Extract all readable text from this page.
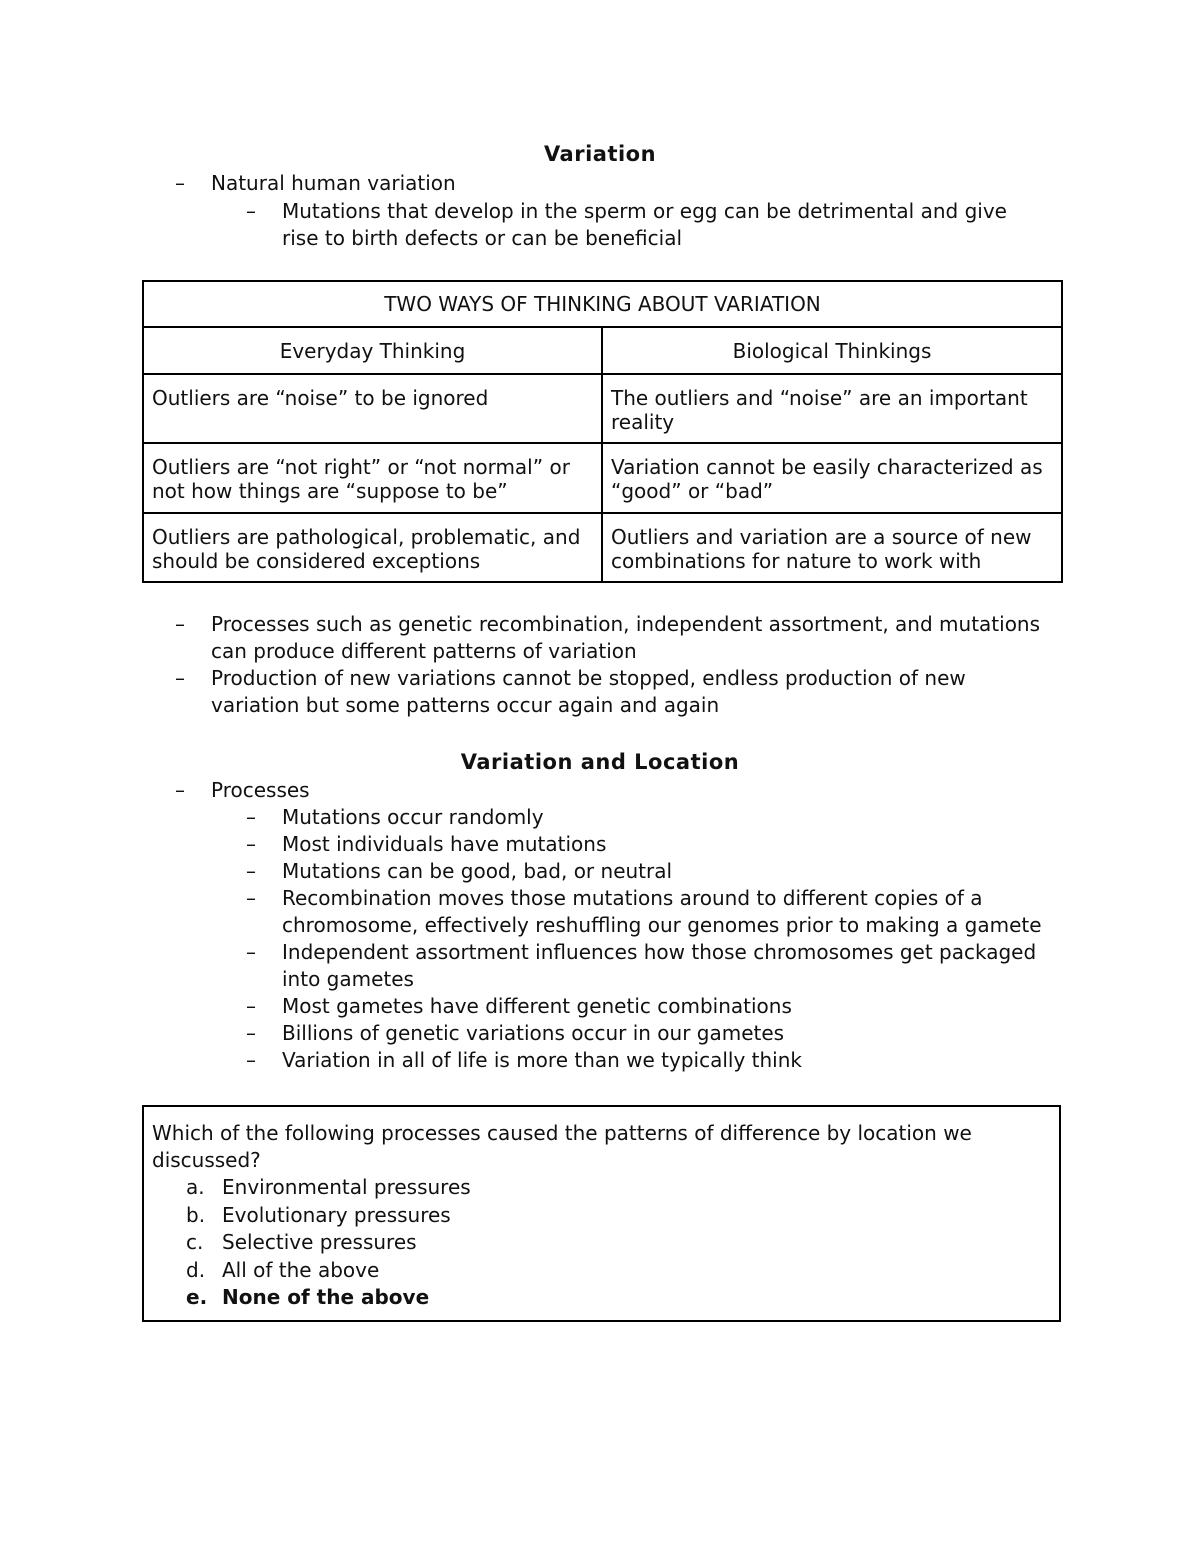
Variation
– Natural human variation
– Mutations that develop in the sperm or egg can be detrimental and give rise to birth defects or can be beneficial
TWO WAYS OF THINKING ABOUT VARIATION	
Everyday Thinking	Biological Thinkings
Outliers are “noise” to be ignored	The outliers and “noise” are an important reality
Outliers are “not right” or “not normal” or not how things are “suppose to be”	Variation cannot be easily characterized as “good” or “bad”
Outliers are pathological, problematic, and should be considered exceptions	Outliers and variation are a source of new combinations for nature to work with
– Processes such as genetic recombination, independent assortment, and mutations can produce different patterns of variation
– Production of new variations cannot be stopped, endless production of new variation but some patterns occur again and again
Variation and Location
– Processes
– Mutations occur randomly
– Most individuals have mutations
– Mutations can be good, bad, or neutral
– Recombination moves those mutations around to different copies of a chromosome, effectively reshuffling our genomes prior to making a gamete
– Independent assortment influences how those chromosomes get packaged into gametes
– Most gametes have different genetic combinations
– Billions of genetic variations occur in our gametes
– Variation in all of life is more than we typically think
Which of the following processes caused the patterns of difference by location we discussed?
a. Environmental pressures
b. Evolutionary pressures
c. Selective pressures
d. All of the above
e. None of the above
